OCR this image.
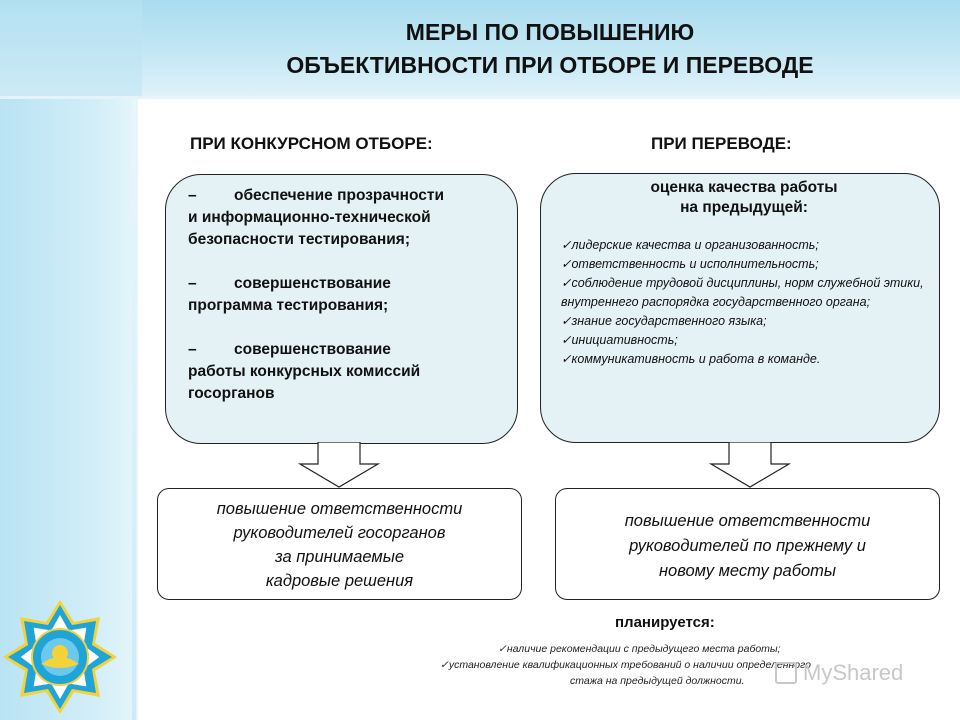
МЕРЫ ПО ПОВЫШЕНИЮ
ОБЪЕКТИВНОСТИ ПРИ ОТБОРЕ И ПЕРЕВОДЕ
ПРИ КОНКУРСНОМ ОТБОРЕ:	ПРИ ПЕРЕВОДЕ:
– обеспечение прозрачности
и информационно-технической
безопасности тестирования;
– совершенствование
программа тестирования;
– совершенствование
работы конкурсных комиссий
госорганов
оценка качества работы
на предыдущей:
✓лидерские качества и организованность;
✓ответственность и исполнительность;
✓соблюдение трудовой дисциплины, норм служебной этики, внутреннего распорядка государственного органа;
✓знание государственного языка;
✓инициативность;
✓коммуникативность и работа в команде.
повышение ответственности
руководителей госорганов
за принимаемые
кадровые решения
повышение ответственности
руководителей по прежнему и
новому месту работы
планируется:
✓наличие рекомендации с предыдущего места работы;
✓установление квалификационных требований о наличии определенного
стажа на предыдущей должности.	MyShared
